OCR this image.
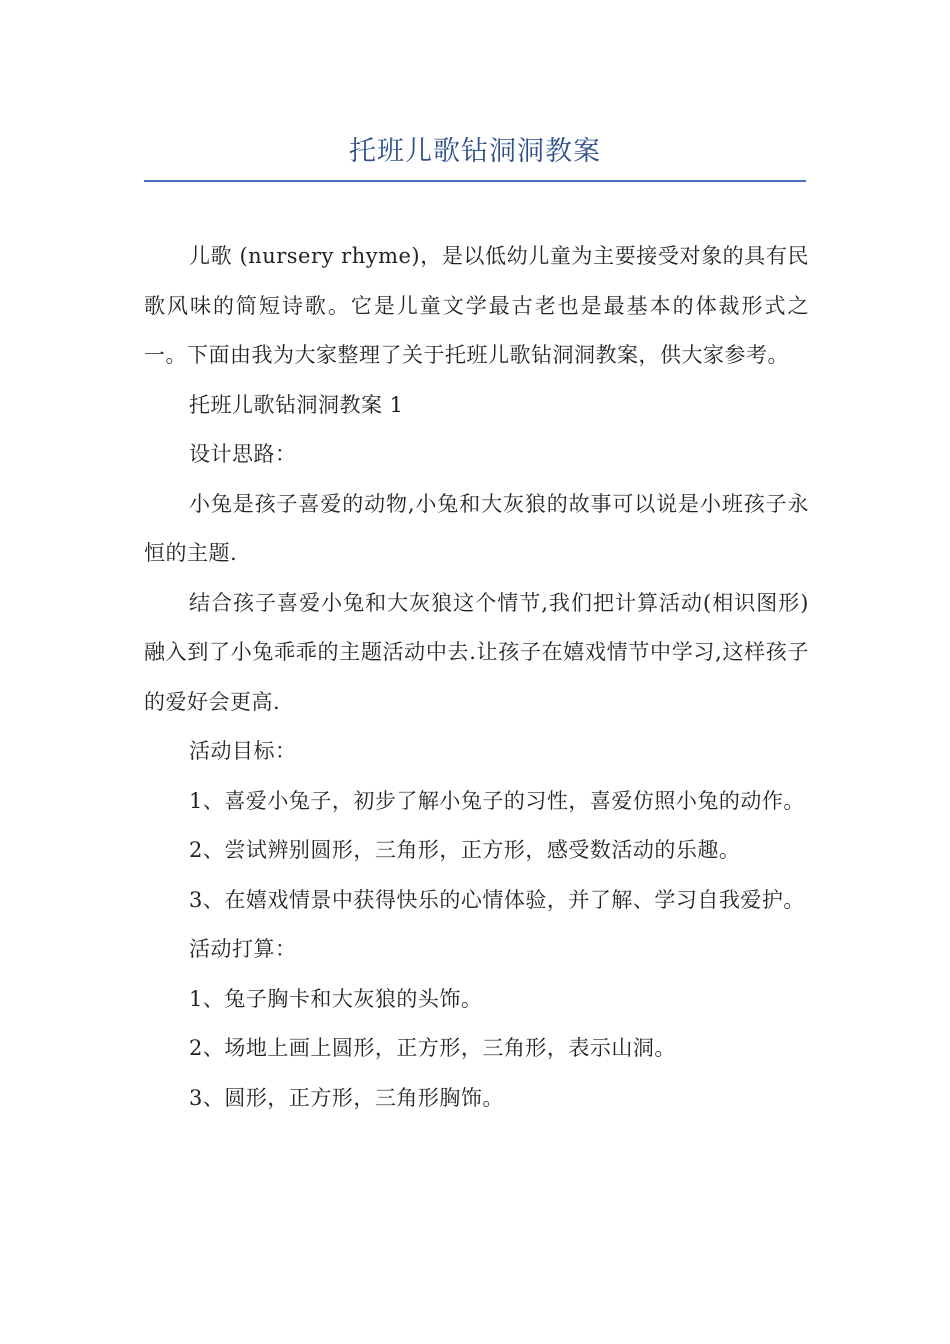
托班儿歌钻洞洞教案

儿歌 (nursery rhyme)，是以低幼儿童为主要接受对象的具有民歌风味的简短诗歌。它是儿童文学最古老也是最基本的体裁形式之一。下面由我为大家整理了关于托班儿歌钻洞洞教案，供大家参考。

托班儿歌钻洞洞教案 1

设计思路：

小兔是孩子喜爱的动物,小兔和大灰狼的故事可以说是小班孩子永恒的主题.

结合孩子喜爱小兔和大灰狼这个情节,我们把计算活动(相识图形)融入到了小兔乖乖的主题活动中去.让孩子在嬉戏情节中学习,这样孩子的爱好会更高.

活动目标：

1、喜爱小兔子，初步了解小兔子的习性，喜爱仿照小兔的动作。

2、尝试辨别圆形，三角形，正方形，感受数活动的乐趣。

3、在嬉戏情景中获得快乐的心情体验，并了解、学习自我爱护。

活动打算：

1、兔子胸卡和大灰狼的头饰。

2、场地上画上圆形，正方形，三角形，表示山洞。

3、圆形，正方形，三角形胸饰。
